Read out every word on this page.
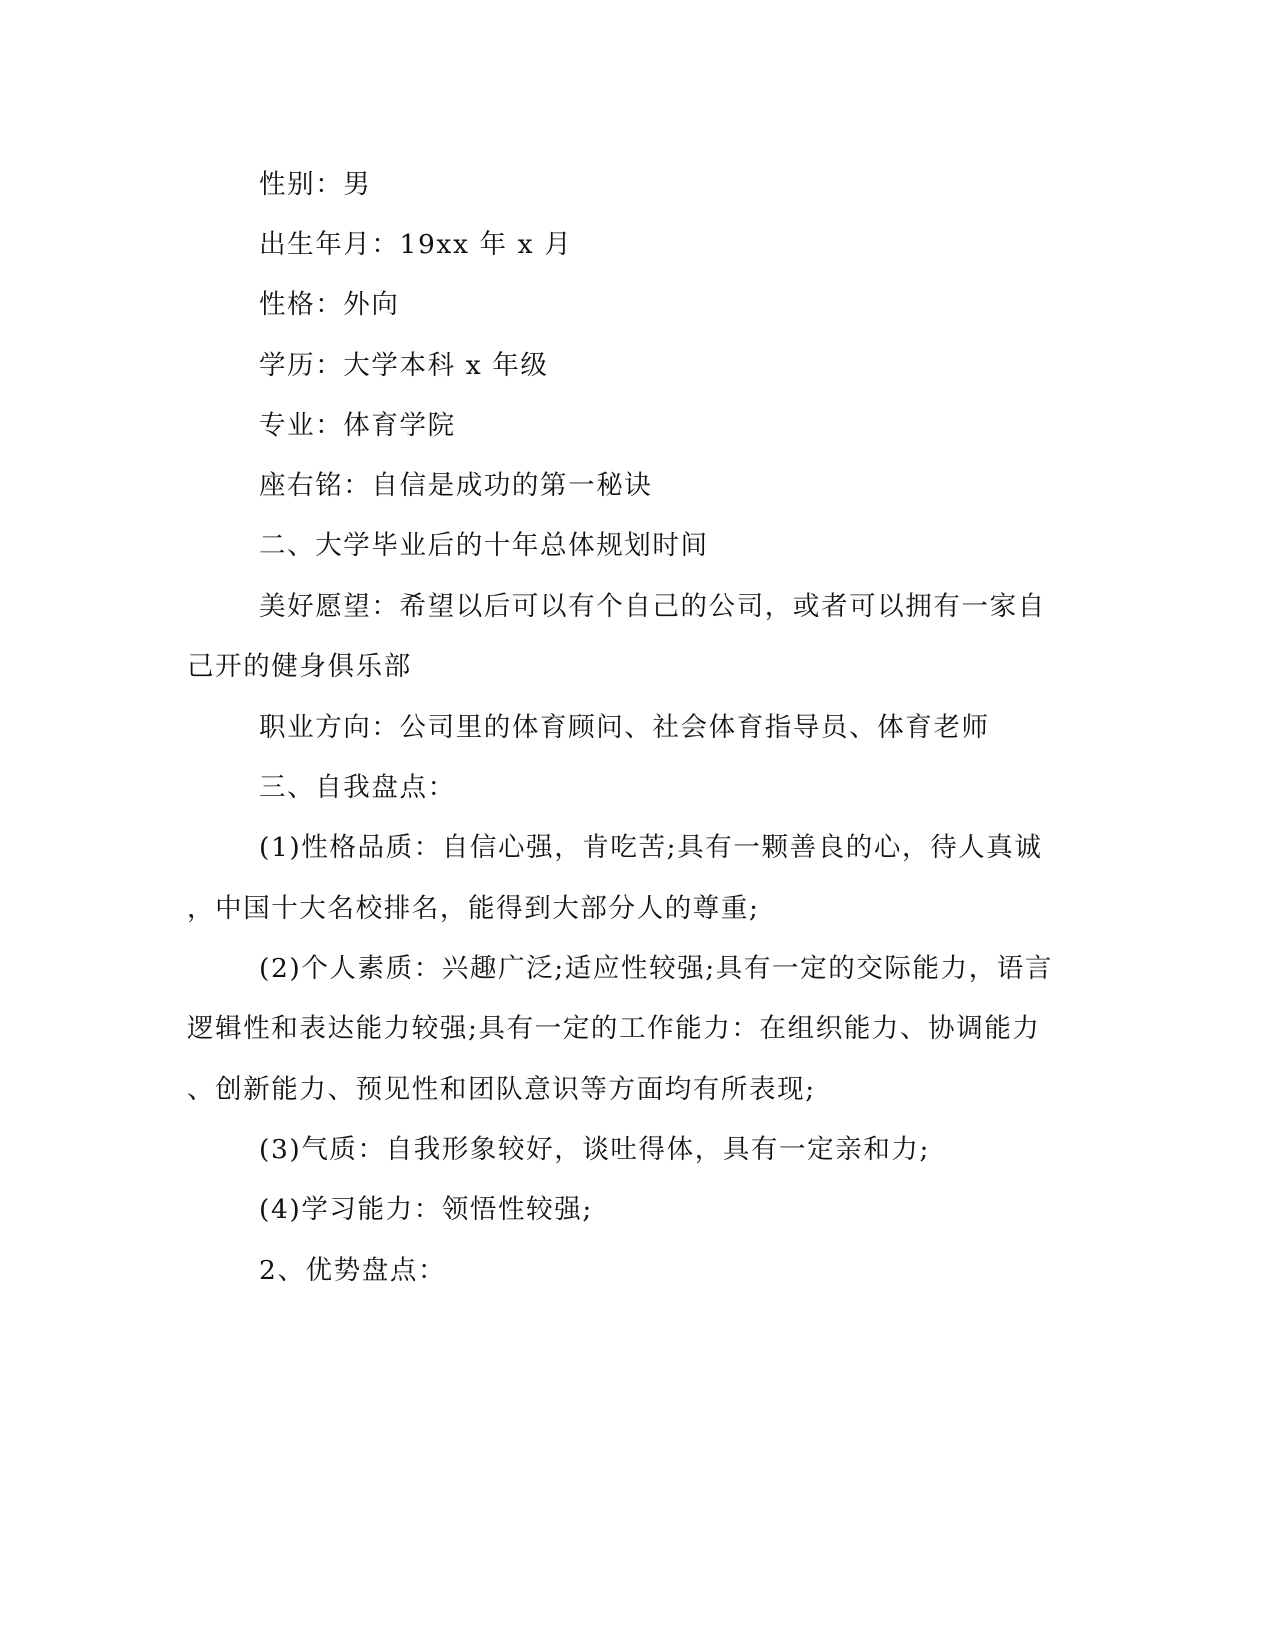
性别：男
出生年月：19xx 年 x 月
性格：外向
学历：大学本科 x 年级
专业：体育学院
座右铭：自信是成功的第一秘诀
二、大学毕业后的十年总体规划时间
美好愿望：希望以后可以有个自己的公司，或者可以拥有一家自
己开的健身俱乐部
职业方向：公司里的体育顾问、社会体育指导员、体育老师
三、自我盘点：
(1)性格品质：自信心强，肯吃苦;具有一颗善良的心，待人真诚
，中国十大名校排名，能得到大部分人的尊重;
(2)个人素质：兴趣广泛;适应性较强;具有一定的交际能力，语言
逻辑性和表达能力较强;具有一定的工作能力：在组织能力、协调能力
、创新能力、预见性和团队意识等方面均有所表现;
(3)气质：自我形象较好，谈吐得体，具有一定亲和力;
(4)学习能力：领悟性较强;
2、优势盘点：
